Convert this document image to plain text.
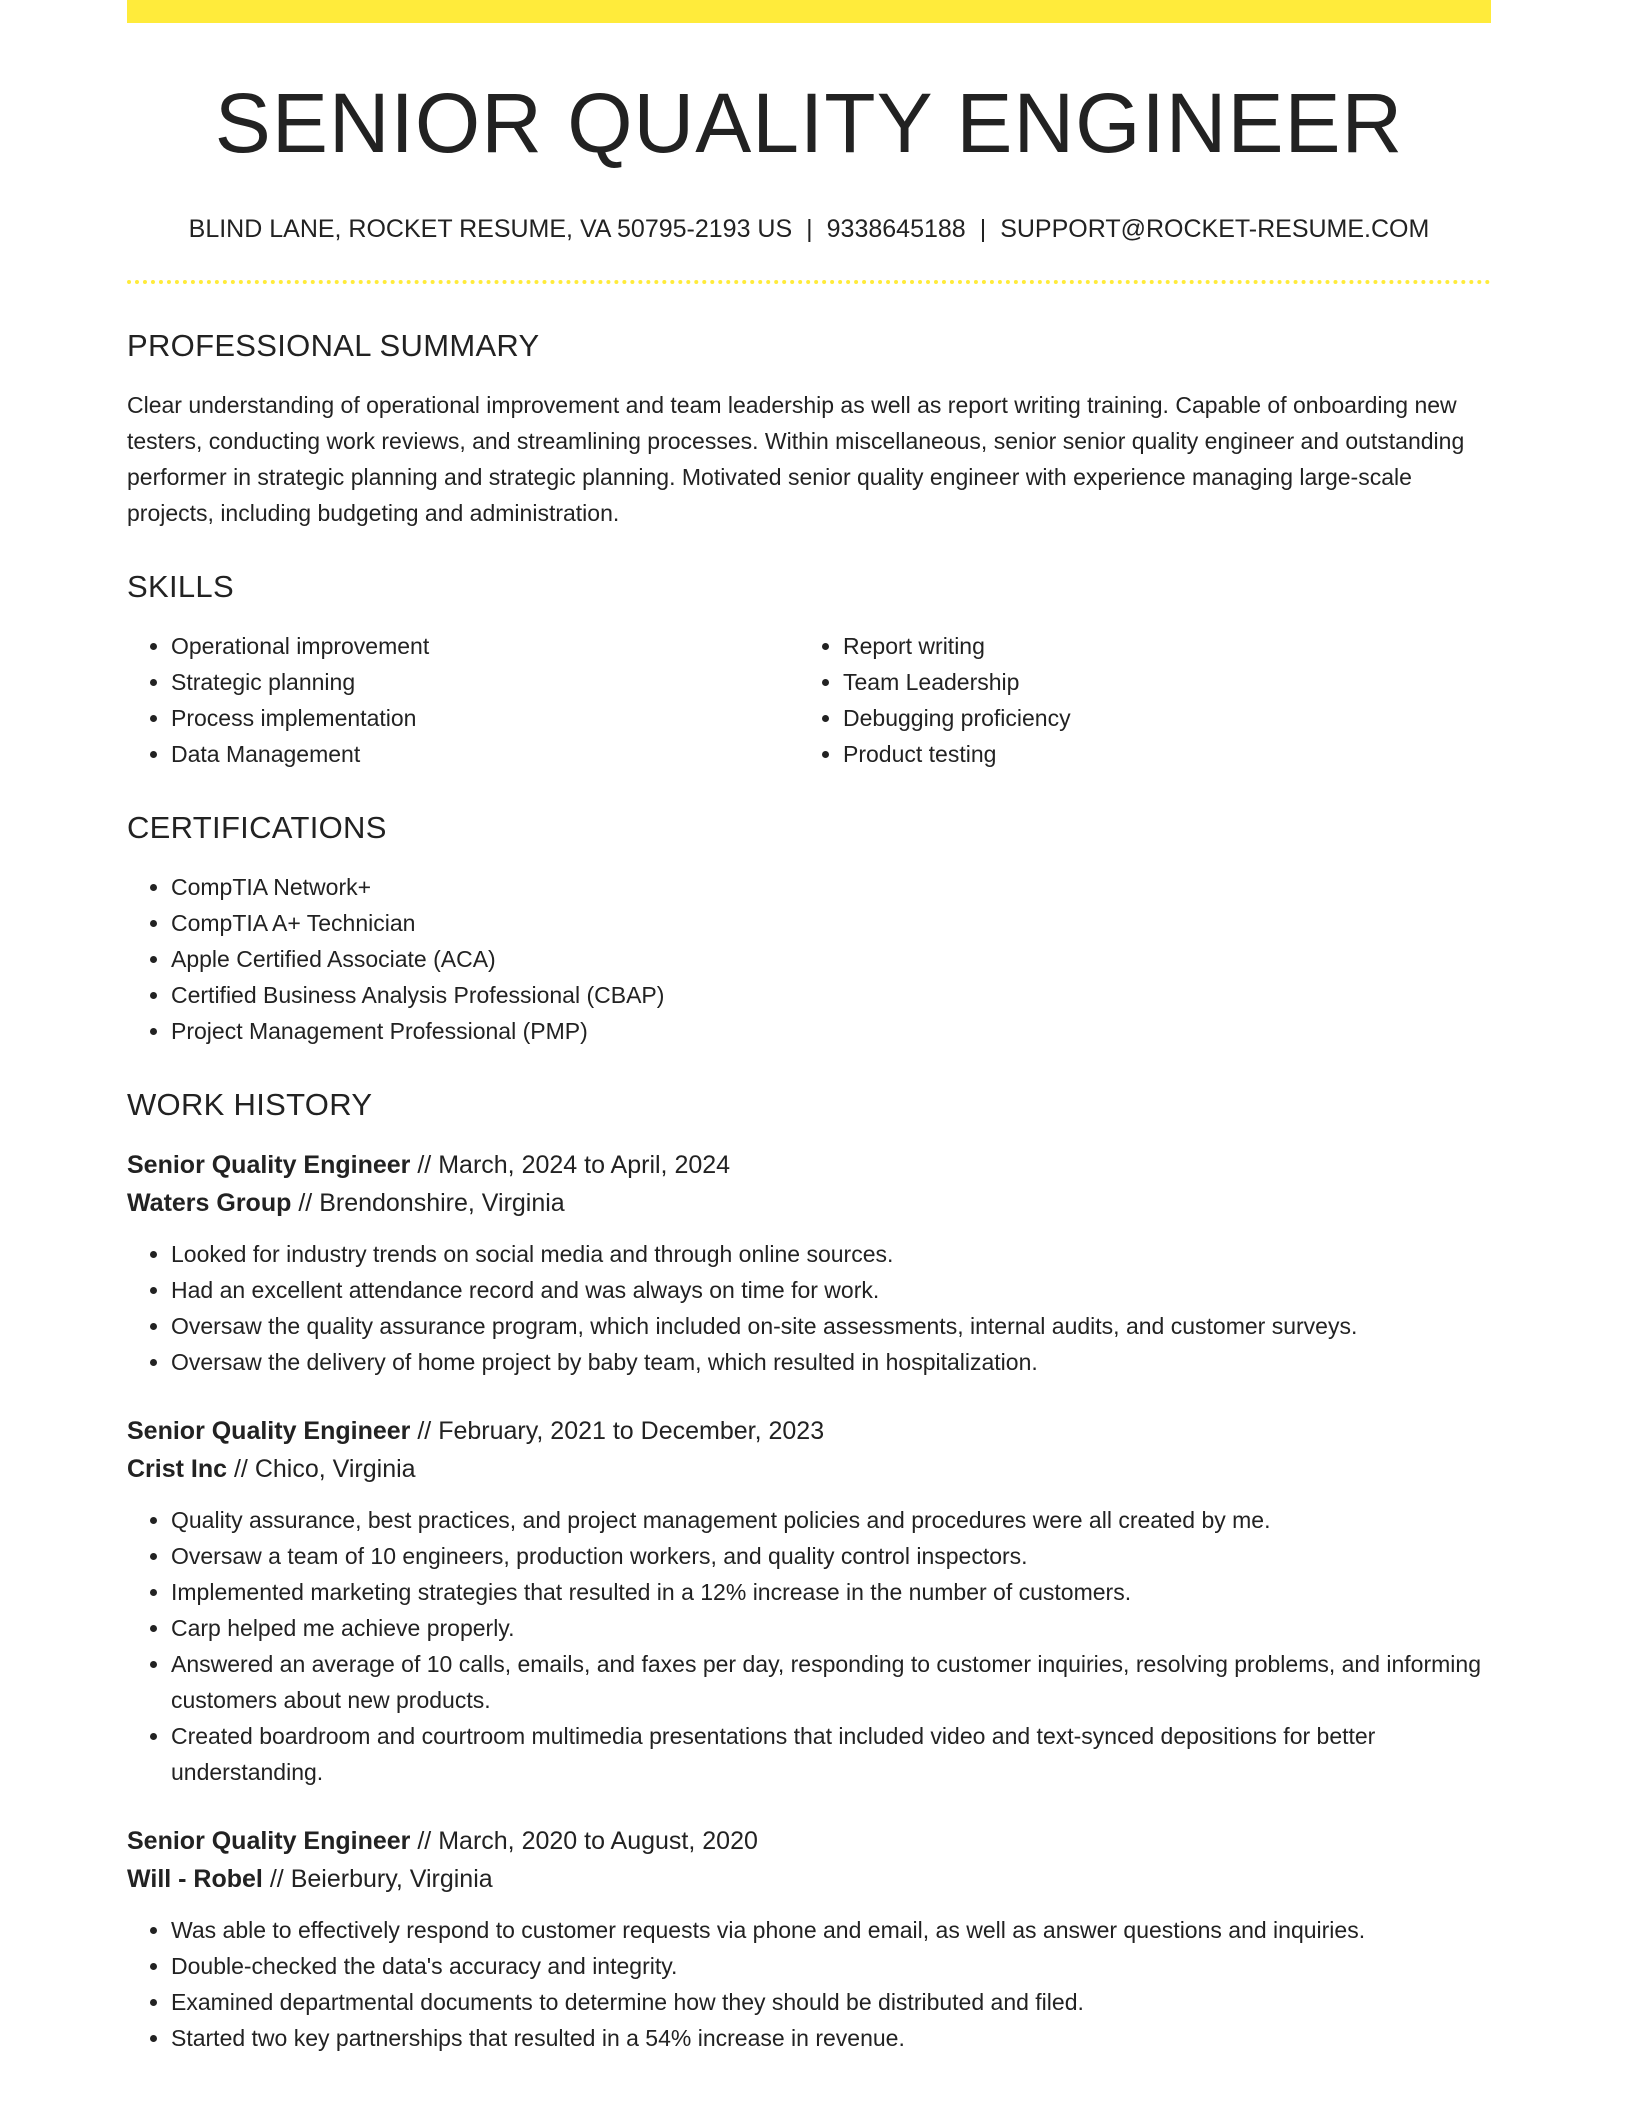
SENIOR QUALITY ENGINEER
BLIND LANE, ROCKET RESUME, VA 50795-2193 US | 9338645188 | SUPPORT@ROCKET-RESUME.COM
PROFESSIONAL SUMMARY

Clear understanding of operational improvement and team leadership as well as report writing training. Capable of onboarding new testers, conducting work reviews, and streamlining processes. Within miscellaneous, senior senior quality engineer and outstanding performer in strategic planning and strategic planning. Motivated senior quality engineer with experience managing large-scale projects, including budgeting and administration.

SKILLS
• Operational improvement
• Strategic planning
• Process implementation
• Data Management
• Report writing
• Team Leadership
• Debugging proficiency
• Product testing
CERTIFICATIONS
• CompTIA Network+
• CompTIA A+ Technician
• Apple Certified Associate (ACA)
• Certified Business Analysis Professional (CBAP)
• Project Management Professional (PMP)
WORK HISTORY
Senior Quality Engineer // March, 2024 to April, 2024
Waters Group // Brendonshire, Virginia
• Looked for industry trends on social media and through online sources.
• Had an excellent attendance record and was always on time for work.
• Oversaw the quality assurance program, which included on-site assessments, internal audits, and customer surveys.
• Oversaw the delivery of home project by baby team, which resulted in hospitalization.
Senior Quality Engineer // February, 2021 to December, 2023
Crist Inc // Chico, Virginia
• Quality assurance, best practices, and project management policies and procedures were all created by me.
• Oversaw a team of 10 engineers, production workers, and quality control inspectors.
• Implemented marketing strategies that resulted in a 12% increase in the number of customers.
• Carp helped me achieve properly.
• Answered an average of 10 calls, emails, and faxes per day, responding to customer inquiries, resolving problems, and informing customers about new products.
• Created boardroom and courtroom multimedia presentations that included video and text-synced depositions for better understanding.
Senior Quality Engineer // March, 2020 to August, 2020
Will - Robel // Beierbury, Virginia
• Was able to effectively respond to customer requests via phone and email, as well as answer questions and inquiries.
• Double-checked the data's accuracy and integrity.
• Examined departmental documents to determine how they should be distributed and filed.
• Started two key partnerships that resulted in a 54% increase in revenue.
